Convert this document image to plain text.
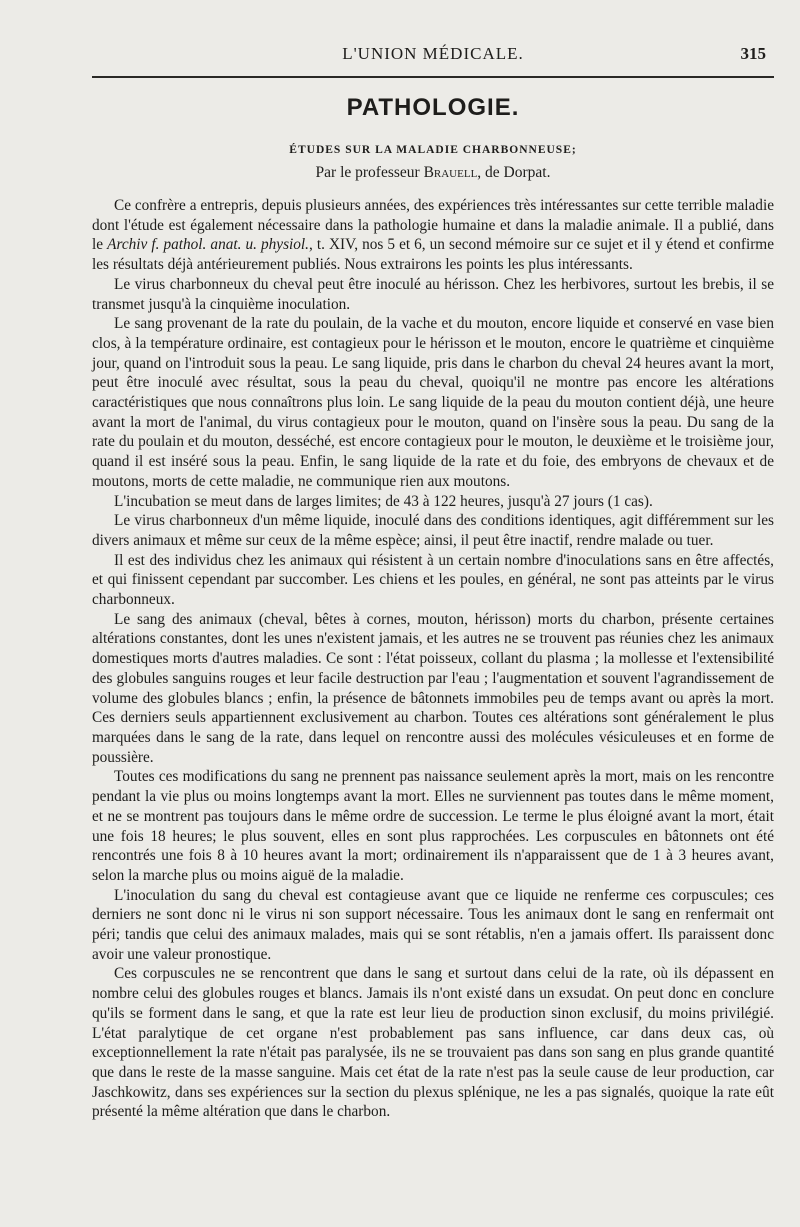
L'UNION MÉDICALE.	315
PATHOLOGIE.
ÉTUDES SUR LA MALADIE CHARBONNEUSE;
Par le professeur Brauell, de Dorpat.

Ce confrère a entrepris, depuis plusieurs années, des expériences très intéressantes sur cette terrible maladie dont l'étude est également nécessaire dans la pathologie humaine et dans la maladie animale. Il a publié, dans le Archiv f. pathol. anat. u. physiol., t. XIV, nos 5 et 6, un second mémoire sur ce sujet et il y étend et confirme les résultats déjà antérieurement publiés. Nous extrairons les points les plus intéressants.

Le virus charbonneux du cheval peut être inoculé au hérisson. Chez les herbivores, surtout les brebis, il se transmet jusqu'à la cinquième inoculation.

Le sang provenant de la rate du poulain, de la vache et du mouton, encore liquide et conservé en vase bien clos, à la température ordinaire, est contagieux pour le hérisson et le mouton, encore le quatrième et cinquième jour, quand on l'introduit sous la peau. Le sang liquide, pris dans le charbon du cheval 24 heures avant la mort, peut être inoculé avec résultat, sous la peau du cheval, quoiqu'il ne montre pas encore les altérations caractéristiques que nous connaîtrons plus loin. Le sang liquide de la peau du mouton contient déjà, une heure avant la mort de l'animal, du virus contagieux pour le mouton, quand on l'insère sous la peau. Du sang de la rate du poulain et du mouton, desséché, est encore contagieux pour le mouton, le deuxième et le troisième jour, quand il est inséré sous la peau. Enfin, le sang liquide de la rate et du foie, des embryons de chevaux et de moutons, morts de cette maladie, ne communique rien aux moutons.

L'incubation se meut dans de larges limites; de 43 à 122 heures, jusqu'à 27 jours (1 cas).

Le virus charbonneux d'un même liquide, inoculé dans des conditions identiques, agit différemment sur les divers animaux et même sur ceux de la même espèce; ainsi, il peut être inactif, rendre malade ou tuer.

Il est des individus chez les animaux qui résistent à un certain nombre d'inoculations sans en être affectés, et qui finissent cependant par succomber. Les chiens et les poules, en général, ne sont pas atteints par le virus charbonneux.

Le sang des animaux (cheval, bêtes à cornes, mouton, hérisson) morts du charbon, présente certaines altérations constantes, dont les unes n'existent jamais, et les autres ne se trouvent pas réunies chez les animaux domestiques morts d'autres maladies. Ce sont : l'état poisseux, collant du plasma ; la mollesse et l'extensibilité des globules sanguins rouges et leur facile destruction par l'eau ; l'augmentation et souvent l'agrandissement de volume des globules blancs ; enfin, la présence de bâtonnets immobiles peu de temps avant ou après la mort. Ces derniers seuls appartiennent exclusivement au charbon. Toutes ces altérations sont généralement le plus marquées dans le sang de la rate, dans lequel on rencontre aussi des molécules vésiculeuses et en forme de poussière.

Toutes ces modifications du sang ne prennent pas naissance seulement après la mort, mais on les rencontre pendant la vie plus ou moins longtemps avant la mort. Elles ne surviennent pas toutes dans le même moment, et ne se montrent pas toujours dans le même ordre de succession. Le terme le plus éloigné avant la mort, était une fois 18 heures; le plus souvent, elles en sont plus rapprochées. Les corpuscules en bâtonnets ont été rencontrés une fois 8 à 10 heures avant la mort; ordinairement ils n'apparaissent que de 1 à 3 heures avant, selon la marche plus ou moins aiguë de la maladie.

L'inoculation du sang du cheval est contagieuse avant que ce liquide ne renferme ces corpuscules; ces derniers ne sont donc ni le virus ni son support nécessaire. Tous les animaux dont le sang en renfermait ont péri; tandis que celui des animaux malades, mais qui se sont rétablis, n'en a jamais offert. Ils paraissent donc avoir une valeur pronostique.

Ces corpuscules ne se rencontrent que dans le sang et surtout dans celui de la rate, où ils dépassent en nombre celui des globules rouges et blancs. Jamais ils n'ont existé dans un exsudat. On peut donc en conclure qu'ils se forment dans le sang, et que la rate est leur lieu de production sinon exclusif, du moins privilégié. L'état paralytique de cet organe n'est probablement pas sans influence, car dans deux cas, où exceptionnellement la rate n'était pas paralysée, ils ne se trouvaient pas dans son sang en plus grande quantité que dans le reste de la masse sanguine. Mais cet état de la rate n'est pas la seule cause de leur production, car Jaschkowitz, dans ses expériences sur la section du plexus splénique, ne les a pas signalés, quoique la rate eût présenté la même altération que dans le charbon.
